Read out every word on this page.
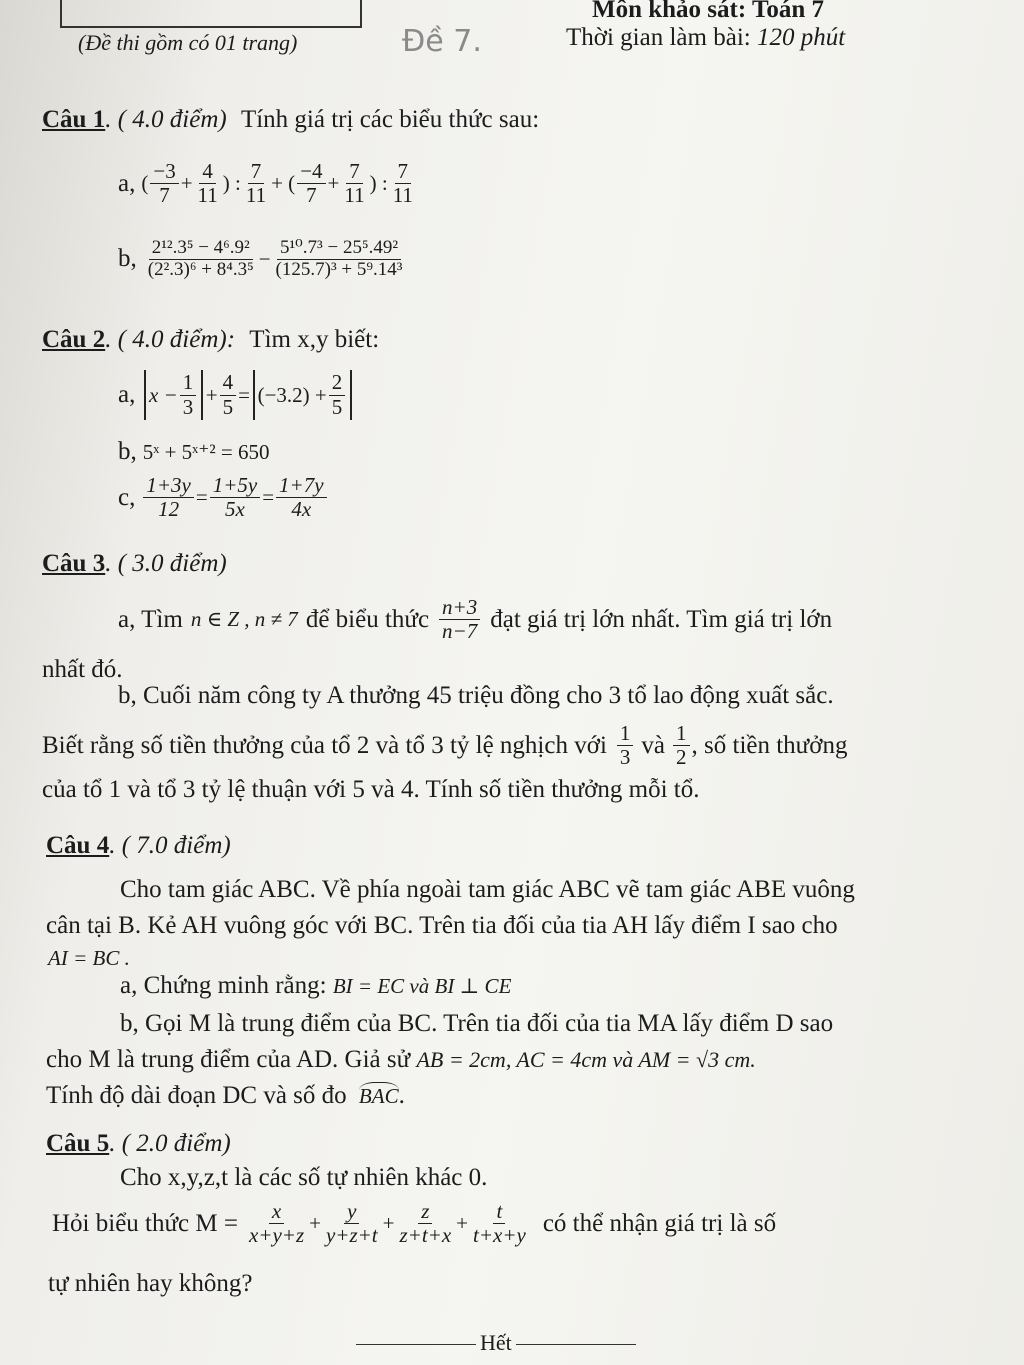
(Đề thi gồm có 01 trang)	Đề 7.
Môn khảo sát: Toán 7
Thời gian làm bài: 120 phút
Câu 1. ( 4.0 điểm) Tính giá trị các biểu thức sau:
a, (
−3
$7 + \frac{4}{11}$ ) :
7
11 + (
−4
$7 + \frac{7}{11}$ ) :
7
11
b, 2¹².3⁵ − 4⁶.9²
$(2^2.3)^6 + 8^4.3^5 - \frac{\text{5¹⁰.7³ − 25⁵.49²}}{\text{(125.7)³ + 5⁹.14³}}$
Câu 2. ( 4.0 điểm): Tìm x,y biết:
a, $x - \frac{1}{3} + \frac{4}{5} = (-3.2) + \frac{2}{5}$
b, 5ˣ + 5ˣ⁺² = 650
c, $\frac{1+3y}{12} = \frac{1+5y}{5x} = \frac{1+7y}{4x}$
Câu 3. ( 3.0 điểm)
a, Tìm n ∈ Z , n ≠ 7 để biểu thức n+3
n−7 đạt giá trị lớn nhất. Tìm giá trị lớn
nhất đó.
b, Cuối năm công ty A thưởng 45 triệu đồng cho 3 tổ lao động xuất sắc.
Biết rằng số tiền thưởng của tổ 2 và tổ 3 tỷ lệ nghịch với 1
3 và 1
2 , số tiền thưởng
của tổ 1 và tổ 3 tỷ lệ thuận với 5 và 4. Tính số tiền thưởng mỗi tổ.
Câu 4. ( 7.0 điểm)
Cho tam giác ABC. Về phía ngoài tam giác ABC vẽ tam giác ABE vuông
cân tại B. Kẻ AH vuông góc với BC. Trên tia đối của tia AH lấy điểm I sao cho
AI = BC .
a, Chứng minh rằng: BI = EC và BI ⊥ CE
b, Gọi M là trung điểm của BC. Trên tia đối của tia MA lấy điểm D sao
cho M là trung điểm của AD. Giả sử AB = 2cm, AC = 4cm và AM = √3 cm.
Tính độ dài đoạn DC và số đo BAC.
Câu 5. ( 2.0 điểm)
Cho x,y,z,t là các số tự nhiên khác 0.
Hỏi biểu thức $M = \frac{x}{x+y+z} + \frac{y}{y+z+t} + \frac{z}{z+t+x} + \frac{t}{t+x+y}$ có thể nhận giá trị là số
tự nhiên hay không?
Hết
